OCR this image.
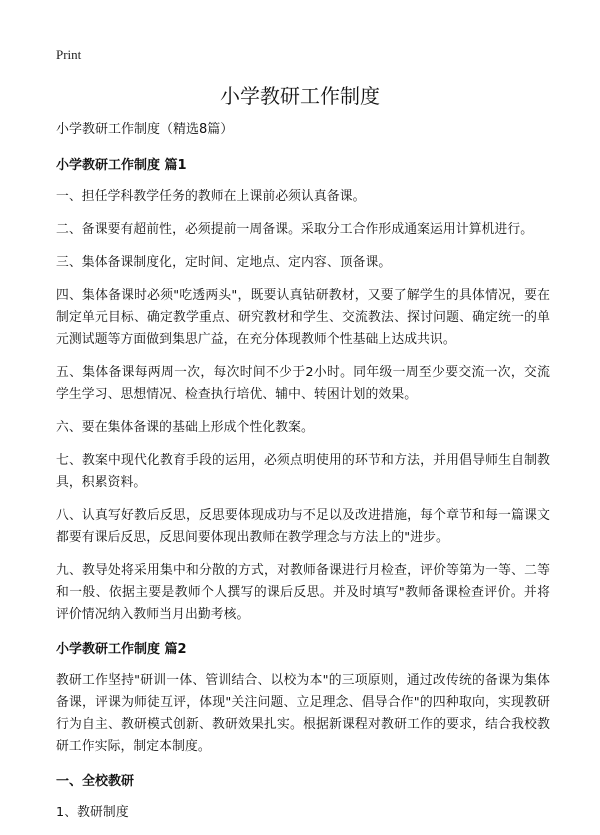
Print
小学教研工作制度

小学教研工作制度（精选8篇）

小学教研工作制度 篇1

一、担任学科教学任务的教师在上课前必须认真备课。

二、备课要有超前性，必须提前一周备课。采取分工合作形成通案运用计算机进行。

三、集体备课制度化，定时间、定地点、定内容、顶备课。

四、集体备课时必须"吃透两头"，既要认真钻研教材，又要了解学生的具体情况，要在制定单元目标、确定教学重点、研究教材和学生、交流教法、探讨问题、确定统一的单元测试题等方面做到集思广益，在充分体现教师个性基础上达成共识。

五、集体备课每两周一次，每次时间不少于2小时。同年级一周至少要交流一次，交流学生学习、思想情况、检查执行培优、辅中、转困计划的效果。

六、要在集体备课的基础上形成个性化教案。

七、教案中现代化教育手段的运用，必须点明使用的环节和方法，并用倡导师生自制教具，积累资料。

八、认真写好教后反思，反思要体现成功与不足以及改进措施，每个章节和每一篇课文都要有课后反思，反思间要体现出教师在教学理念与方法上的"进步。

九、教导处将采用集中和分散的方式，对教师备课进行月检查，评价等第为一等、二等和一般、依据主要是教师个人撰写的课后反思。并及时填写"教师备课检查评价。并将评价情况纳入教师当月出勤考核。

小学教研工作制度 篇2

教研工作坚持"研训一体、管训结合、以校为本"的三项原则，通过改传统的备课为集体备课，评课为师徒互评，体现"关注问题、立足理念、倡导合作"的四种取向，实现教研行为自主、教研模式创新、教研效果扎实。根据新课程对教研工作的要求，结合我校教研工作实际，制定本制度。

一、全校教研

1、教研制度
